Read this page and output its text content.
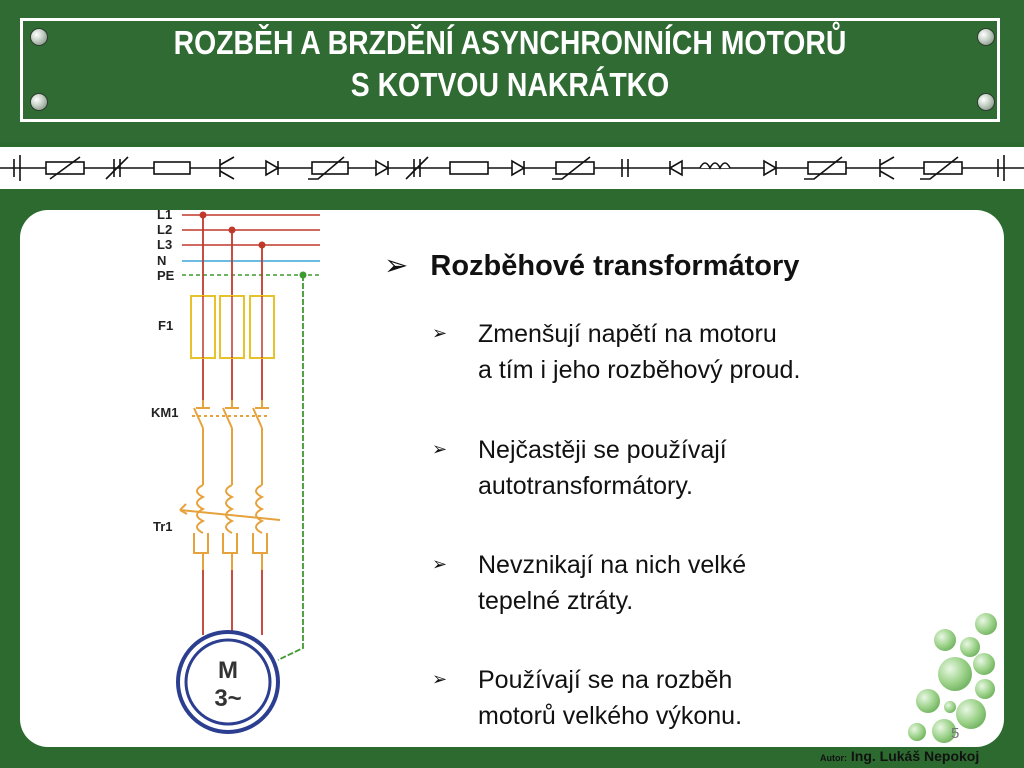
ROZBĚH A BRZDĚNÍ ASYNCHRONNÍCH MOTORŮ
S KOTVOU NAKRÁTKO
L1
L2
L3
N
PE
F1
KM1
Tr1
M
3~
➢ Rozběhové transformátory
➢ Zmenšují napětí na motoru
a tím i jeho rozběhový proud.
➢ Nejčastěji se používají
autotransformátory.
➢ Nevznikají na nich velké
tepelné ztráty.
➢ Používají se na rozběh
motorů velkého výkonu.
5
Autor: Ing. Lukáš Nepokoj
